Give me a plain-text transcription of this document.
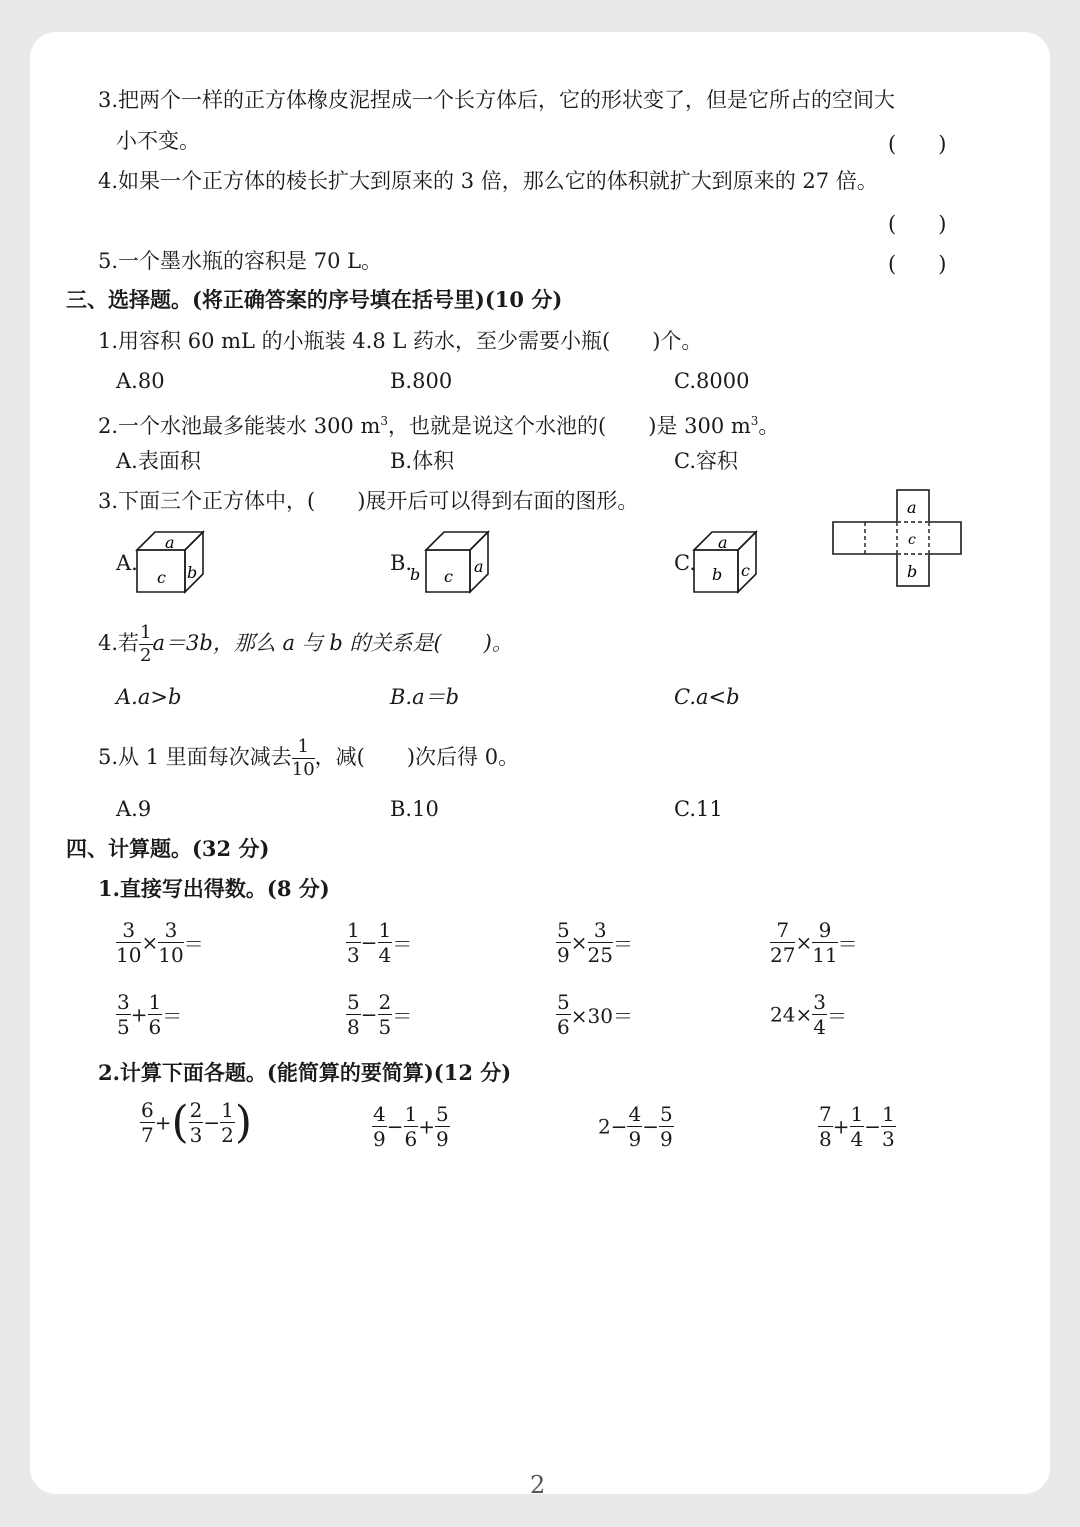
3.把两个一样的正方体橡皮泥捏成一个长方体后，它的形状变了，但是它所占的空间大
小不变。	(　　)
4.如果一个正方体的棱长扩大到原来的 3 倍，那么它的体积就扩大到原来的 27 倍。
(　　)
5.一个墨水瓶的容积是 70 L。	(　　)
三、选择题。(将正确答案的序号填在括号里)(10 分)
1.用容积 60 mL 的小瓶装 4.8 L 药水，至少需要小瓶(　　)个。
A.80	B.800	C.8000
2.一个水池最多能装水 300 $m^3$，也就是说这个水池的(　　)是 300 $m^3$。
A.表面积	B.体积	C.容积
3.下面三个正方体中，(　　)展开后可以得到右面的图形。
A.
a
c b	B.
b c
a	C.
a
b c
a
c
b
4.若 $\frac{1}{2} a=3b$，那么 a 与 b 的关系是(　　)。
A.a>b	B.a＝b	C.a<b
5.从 1 里面每次减去 $\frac{1}{10}$ ，减(　　)次后得 0。
A.9	B.10	C.11
四、计算题。(32 分)
1.直接写出得数。(8 分)
$\frac{3}{10} \times \frac{3}{10}$ ＝	$\frac{1}{3} - \frac{1}{4}$ ＝	$\frac{5}{9} \times \frac{3}{25}$ ＝	$\frac{7}{27} \times \frac{9}{11}$ ＝
$\frac{3}{5} + \frac{1}{6}$ ＝	$\frac{5}{8} - \frac{2}{5}$ ＝	$\frac{5}{6} \times 30=$	$24\times \frac{3}{4}$ ＝
2.计算下面各题。(能简算的要简算)(12 分)
$\frac{6}{7}$ +( $\frac{2}{3} - \frac{1}{2}$ )	$\frac{4}{9} - \frac{1}{6} + \frac{5}{9}$	$2- \frac{4}{9} - \frac{5}{9}$	$\frac{7}{8} + \frac{1}{4} - \frac{1}{3}$
2
